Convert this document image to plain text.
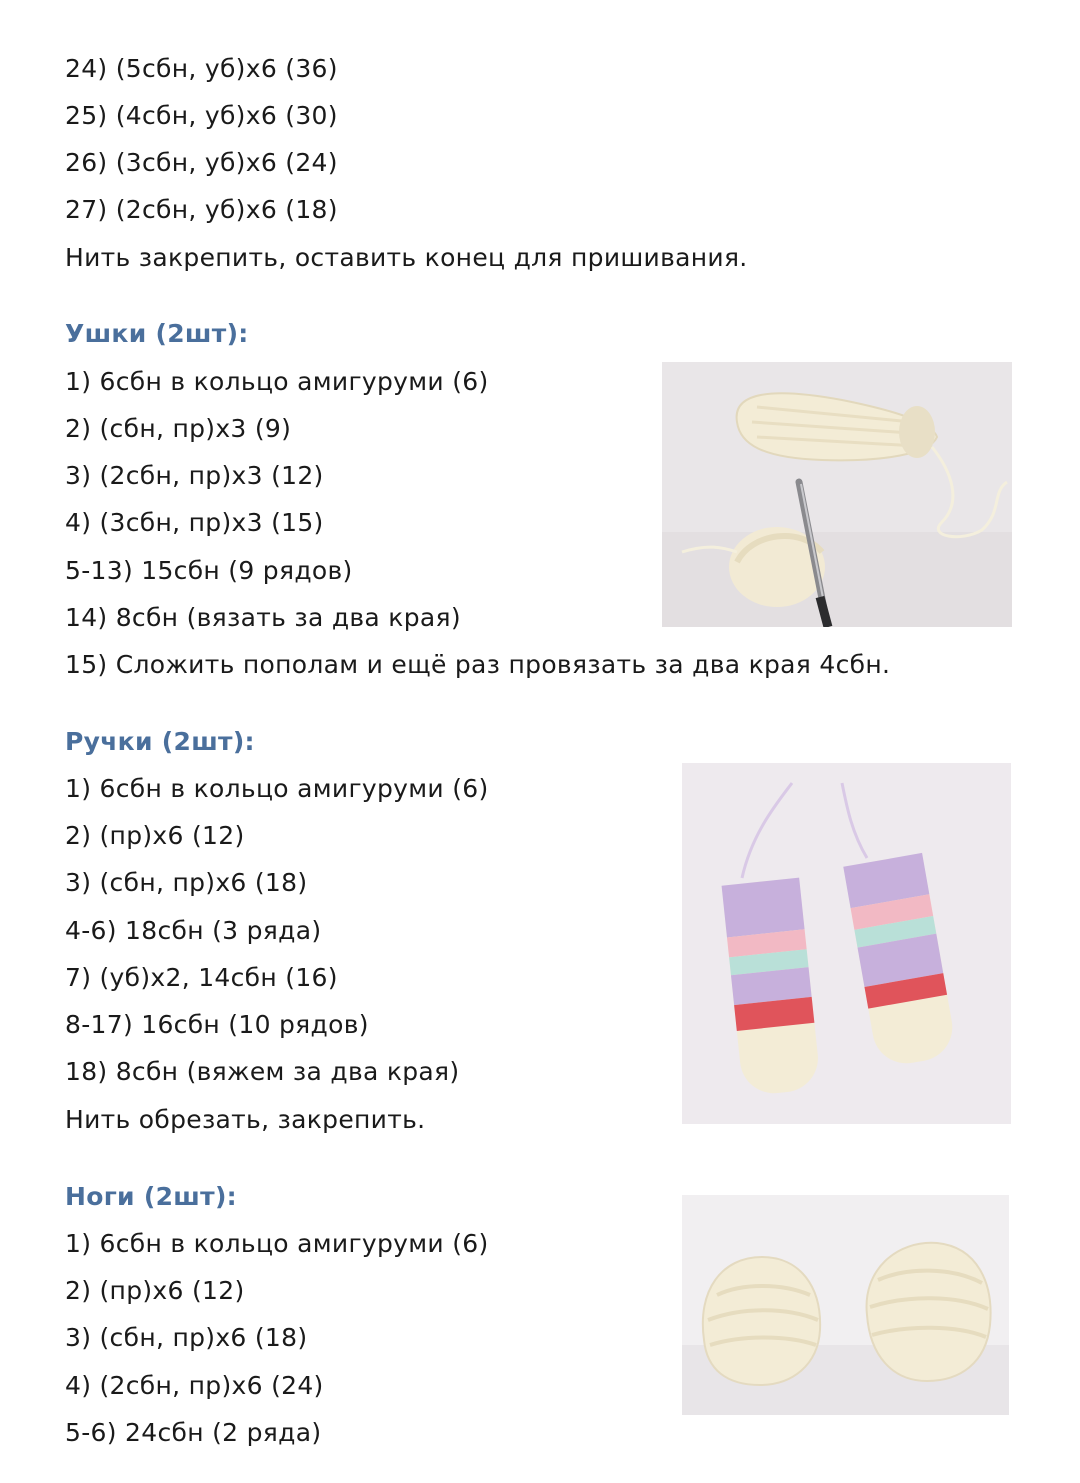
24) (5сбн, уб)х6 (36)
25) (4сбн, уб)х6 (30)
26) (3сбн, уб)х6 (24)
27) (2сбн, уб)х6 (18)
Нить закрепить, оставить конец для пришивания.
Ушки (2шт):
1) 6сбн в кольцо амигуруми (6)
2) (сбн, пр)х3 (9)
3) (2сбн, пр)х3 (12)
4) (3сбн, пр)х3 (15)
5-13) 15сбн (9 рядов)
14) 8сбн (вязать за два края)
15) Сложить пополам и ещё раз провязать за два края 4сбн.
Ручки (2шт):
1) 6сбн в кольцо амигуруми (6)
2) (пр)х6 (12)
3) (сбн, пр)х6 (18)
4-6) 18сбн (3 ряда)
7) (уб)х2, 14сбн (16)
8-17) 16сбн (10 рядов)
18) 8сбн (вяжем за два края)
Нить обрезать, закрепить.
Ноги (2шт):
1) 6сбн в кольцо амигуруми (6)
2) (пр)х6 (12)
3) (сбн, пр)х6 (18)
4) (2сбн, пр)х6 (24)
5-6) 24сбн (2 ряда)
